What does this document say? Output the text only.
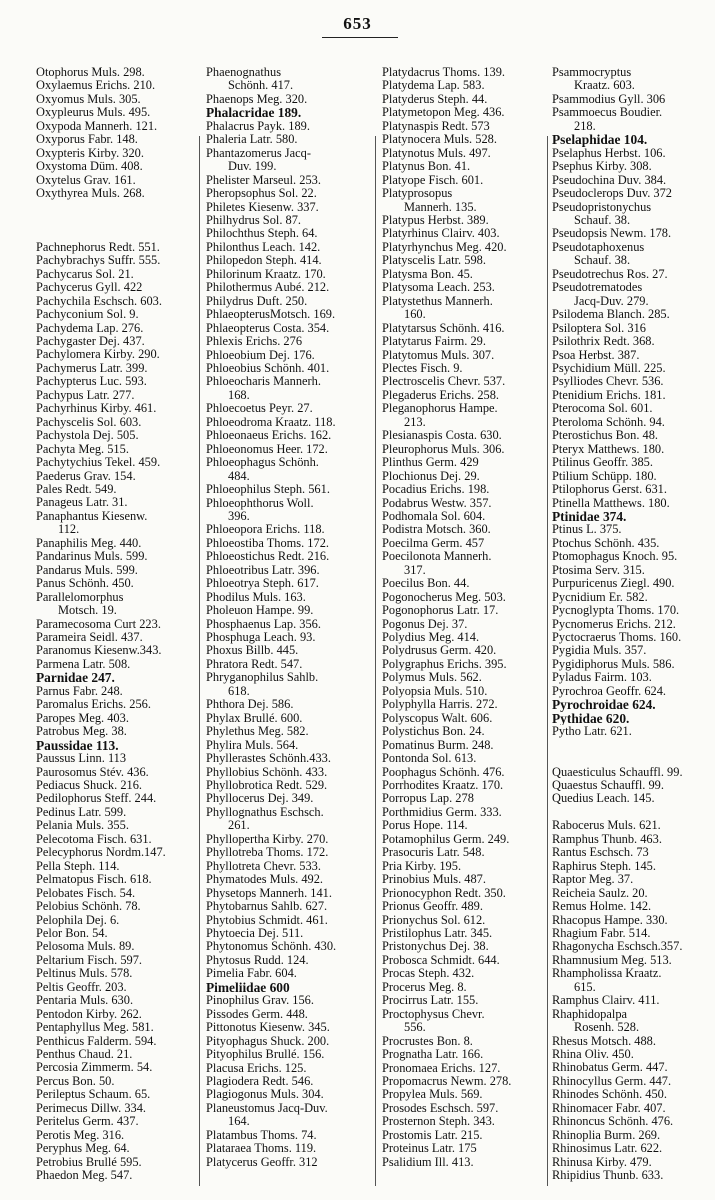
653
Otophorus Muls. 298.
Oxylaemus Erichs. 210.
Oxyomus Muls. 305.
Oxypleurus Muls. 495.
Oxypoda Mannerh. 121.
Oxyporus Fabr. 148.
Oxypteris Kirby. 320.
Oxystoma Düm. 408.
Oxytelus Grav. 161.
Oxythyrea Muls. 268.
Pachnephorus Redt. 551.
Pachybrachys Suffr. 555.
Pachycarus Sol. 21.
Pachycerus Gyll. 422
Pachychila Eschsch. 603.
Pachyconium Sol. 9.
Pachydema Lap. 276.
Pachygaster Dej. 437.
Pachylomera Kirby. 290.
Pachymerus Latr. 399.
Pachypterus Luc. 593.
Pachypus Latr. 277.
Pachyrhinus Kirby. 461.
Pachyscelis Sol. 603.
Pachystola Dej. 505.
Pachyta Meg. 515.
Pachytychius Tekel. 459.
Paederus Grav. 154.
Pales Redt. 549.
Panageus Latr. 31.
Panaphantus Kiesenw.
112.
Panaphilis Meg. 440.
Pandarinus Muls. 599.
Pandarus Muls. 599.
Panus Schönh. 450.
Parallelomorphus
Motsch. 19.
Paramecosoma Curt 223.
Parameira Seidl. 437.
Paranomus Kiesenw.343.
Parmena Latr. 508.
Parnidae 247.
Parnus Fabr. 248.
Paromalus Erichs. 256.
Paropes Meg. 403.
Patrobus Meg. 38.
Paussidae 113.
Paussus Linn. 113
Paurosomus Stév. 436.
Pediacus Shuck. 216.
Pedilophorus Steff. 244.
Pedinus Latr. 599.
Pelania Muls. 355.
Pelecotoma Fisch. 631.
Pelecyphorus Nordm.147.
Pella Steph. 114.
Pelmatopus Fisch. 618.
Pelobates Fisch. 54.
Pelobius Schönh. 78.
Pelophila Dej. 6.
Pelor Bon. 54.
Pelosoma Muls. 89.
Peltarium Fisch. 597.
Peltinus Muls. 578.
Peltis Geoffr. 203.
Pentaria Muls. 630.
Pentodon Kirby. 262.
Pentaphyllus Meg. 581.
Penthicus Falderm. 594.
Penthus Chaud. 21.
Percosia Zimmerm. 54.
Percus Bon. 50.
Perileptus Schaum. 65.
Perimecus Dillw. 334.
Peritelus Germ. 437.
Perotis Meg. 316.
Peryphus Meg. 64.
Petrobius Brullé 595.
Phaedon Meg. 547.
Phaenognathus
Schönh. 417.
Phaenops Meg. 320.
Phalacridae 189.
Phalacrus Payk. 189.
Phaleria Latr. 580.
Phantazomerus Jacq-
Duv. 199.
Phelister Marseul. 253.
Pheropsophus Sol. 22.
Philetes Kiesenw. 337.
Philhydrus Sol. 87.
Philochthus Steph. 64.
Philonthus Leach. 142.
Philopedon Steph. 414.
Philorinum Kraatz. 170.
Philothermus Aubé. 212.
Philydrus Duft. 250.
PhlaeopterusMotsch. 169.
Phlaeopterus Costa. 354.
Phlexis Erichs. 276
Phloeobium Dej. 176.
Phloeobius Schönh. 401.
Phloeocharis Mannerh.
168.
Phloecoetus Peyr. 27.
Phloeodroma Kraatz. 118.
Phloeonaeus Erichs. 162.
Phloeonomus Heer. 172.
Phloeophagus Schönh.
484.
Phloeophilus Steph. 561.
Phloeophthorus Woll.
396.
Phloeopora Erichs. 118.
Phloeostiba Thoms. 172.
Phloeostichus Redt. 216.
Phloeotribus Latr. 396.
Phloeotrya Steph. 617.
Phodilus Muls. 163.
Pholeuon Hampe. 99.
Phosphaenus Lap. 356.
Phosphuga Leach. 93.
Phoxus Billb. 445.
Phratora Redt. 547.
Phryganophilus Sahlb.
618.
Phthora Dej. 586.
Phylax Brullé. 600.
Phylethus Meg. 582.
Phylira Muls. 564.
Phyllerastes Schönh.433.
Phyllobius Schönh. 433.
Phyllobrotica Redt. 529.
Phyllocerus Dej. 349.
Phyllognathus Eschsch.
261.
Phyllopertha Kirby. 270.
Phyllotreba Thoms. 172.
Phyllotreta Chevr. 533.
Phymatodes Muls. 492.
Physetops Mannerh. 141.
Phytobarnus Sahlb. 627.
Phytobius Schmidt. 461.
Phytoecia Dej. 511.
Phytonomus Schönh. 430.
Phytosus Rudd. 124.
Pimelia Fabr. 604.
Pimeliidae 600
Pinophilus Grav. 156.
Pissodes Germ. 448.
Pittonotus Kiesenw. 345.
Pityophagus Shuck. 200.
Pityophilus Brullé. 156.
Placusa Erichs. 125.
Plagiodera Redt. 546.
Plagiogonus Muls. 304.
Planeustomus Jacq-Duv.
164.
Platambus Thoms. 74.
Plataraea Thoms. 119.
Platycerus Geoffr. 312
Platydacrus Thoms. 139.
Platydema Lap. 583.
Platyderus Steph. 44.
Platymetopon Meg. 436.
Platynaspis Redt. 573
Platynocera Muls. 528.
Platynotus Muls. 497.
Platynus Bon. 41.
Platyope Fisch. 601.
Platyprosopus
Mannerh. 135.
Platypus Herbst. 389.
Platyrhinus Clairv. 403.
Platyrhynchus Meg. 420.
Platyscelis Latr. 598.
Platysma Bon. 45.
Platysoma Leach. 253.
Platystethus Mannerh.
160.
Platytarsus Schönh. 416.
Platytarus Fairm. 29.
Platytomus Muls. 307.
Plectes Fisch. 9.
Plectroscelis Chevr. 537.
Plegaderus Erichs. 258.
Pleganophorus Hampe.
213.
Plesianaspis Costa. 630.
Pleurophorus Muls. 306.
Plinthus Germ. 429
Plochionus Dej. 29.
Pocadius Erichs. 198.
Podabrus Westw. 357.
Podhomala Sol. 604.
Podistra Motsch. 360.
Poecilma Germ. 457
Poecilonota Mannerh.
317.
Poecilus Bon. 44.
Pogonocherus Meg. 503.
Pogonophorus Latr. 17.
Pogonus Dej. 37.
Polydius Meg. 414.
Polydrusus Germ. 420.
Polygraphus Erichs. 395.
Polymus Muls. 562.
Polyopsia Muls. 510.
Polyphylla Harris. 272.
Polyscopus Walt. 606.
Polystichus Bon. 24.
Pomatinus Burm. 248.
Pontonda Sol. 613.
Poophagus Schönh. 476.
Porrhodites Kraatz. 170.
Porropus Lap. 278
Porthmidius Germ. 333.
Porus Hope. 114.
Potamophilus Germ. 249.
Prasocuris Latr. 548.
Pria Kirby. 195.
Prinobius Muls. 487.
Prionocyphon Redt. 350.
Prionus Geoffr. 489.
Prionychus Sol. 612.
Pristilophus Latr. 345.
Pristonychus Dej. 38.
Probosca Schmidt. 644.
Procas Steph. 432.
Procerus Meg. 8.
Procirrus Latr. 155.
Proctophysus Chevr.
556.
Procrustes Bon. 8.
Prognatha Latr. 166.
Pronomaea Erichs. 127.
Propomacrus Newm. 278.
Propylea Muls. 569.
Prosodes Eschsch. 597.
Prosternon Steph. 343.
Prostomis Latr. 215.
Proteinus Latr. 175
Psalidium Ill. 413.
Psammocryptus
Kraatz. 603.
Psammodius Gyll. 306
Psammoecus Boudier.
218.
Pselaphidae 104.
Pselaphus Herbst. 106.
Psephus Kirby. 308.
Pseudochina Duv. 384.
Pseudoclerops Duv. 372
Pseudopristonychus
Schauf. 38.
Pseudopsis Newm. 178.
Pseudotaphoxenus
Schauf. 38.
Pseudotrechus Ros. 27.
Pseudotrematodes
Jacq-Duv. 279.
Psilodema Blanch. 285.
Psiloptera Sol. 316
Psilothrix Redt. 368.
Psoa Herbst. 387.
Psychidium Müll. 225.
Psylliodes Chevr. 536.
Ptenidium Erichs. 181.
Pterocoma Sol. 601.
Pteroloma Schönh. 94.
Pterostichus Bon. 48.
Pteryx Matthews. 180.
Ptilinus Geoffr. 385.
Ptilium Schüpp. 180.
Ptilophorus Gerst. 631.
Ptinella Matthews. 180.
Ptinidae 374.
Ptinus L. 375.
Ptochus Schönh. 435.
Ptomophagus Knoch. 95.
Ptosima Serv. 315.
Purpuricenus Ziegl. 490.
Pycnidium Er. 582.
Pycnoglypta Thoms. 170.
Pycnomerus Erichs. 212.
Pyctocraerus Thoms. 160.
Pygidia Muls. 357.
Pygidiphorus Muls. 586.
Pyladus Fairm. 103.
Pyrochroa Geoffr. 624.
Pyrochroidae 624.
Pythidae 620.
Pytho Latr. 621.
Quaesticulus Schauffl. 99.
Quaestus Schauffl. 99.
Quedius Leach. 145.
Rabocerus Muls. 621.
Ramphus Thunb. 463.
Rantus Eschsch. 73
Raphirus Steph. 145.
Raptor Meg. 37.
Reicheia Saulz. 20.
Remus Holme. 142.
Rhacopus Hampe. 330.
Rhagium Fabr. 514.
Rhagonycha Eschsch.357.
Rhamnusium Meg. 513.
Rhampholissa Kraatz.
615.
Ramphus Clairv. 411.
Rhaphidopalpa
Rosenh. 528.
Rhesus Motsch. 488.
Rhina Oliv. 450.
Rhinobatus Germ. 447.
Rhinocyllus Germ. 447.
Rhinodes Schönh. 450.
Rhinomacer Fabr. 407.
Rhinoncus Schönh. 476.
Rhinoplia Burm. 269.
Rhinosimus Latr. 622.
Rhinusa Kirby. 479.
Rhipidius Thunb. 633.
